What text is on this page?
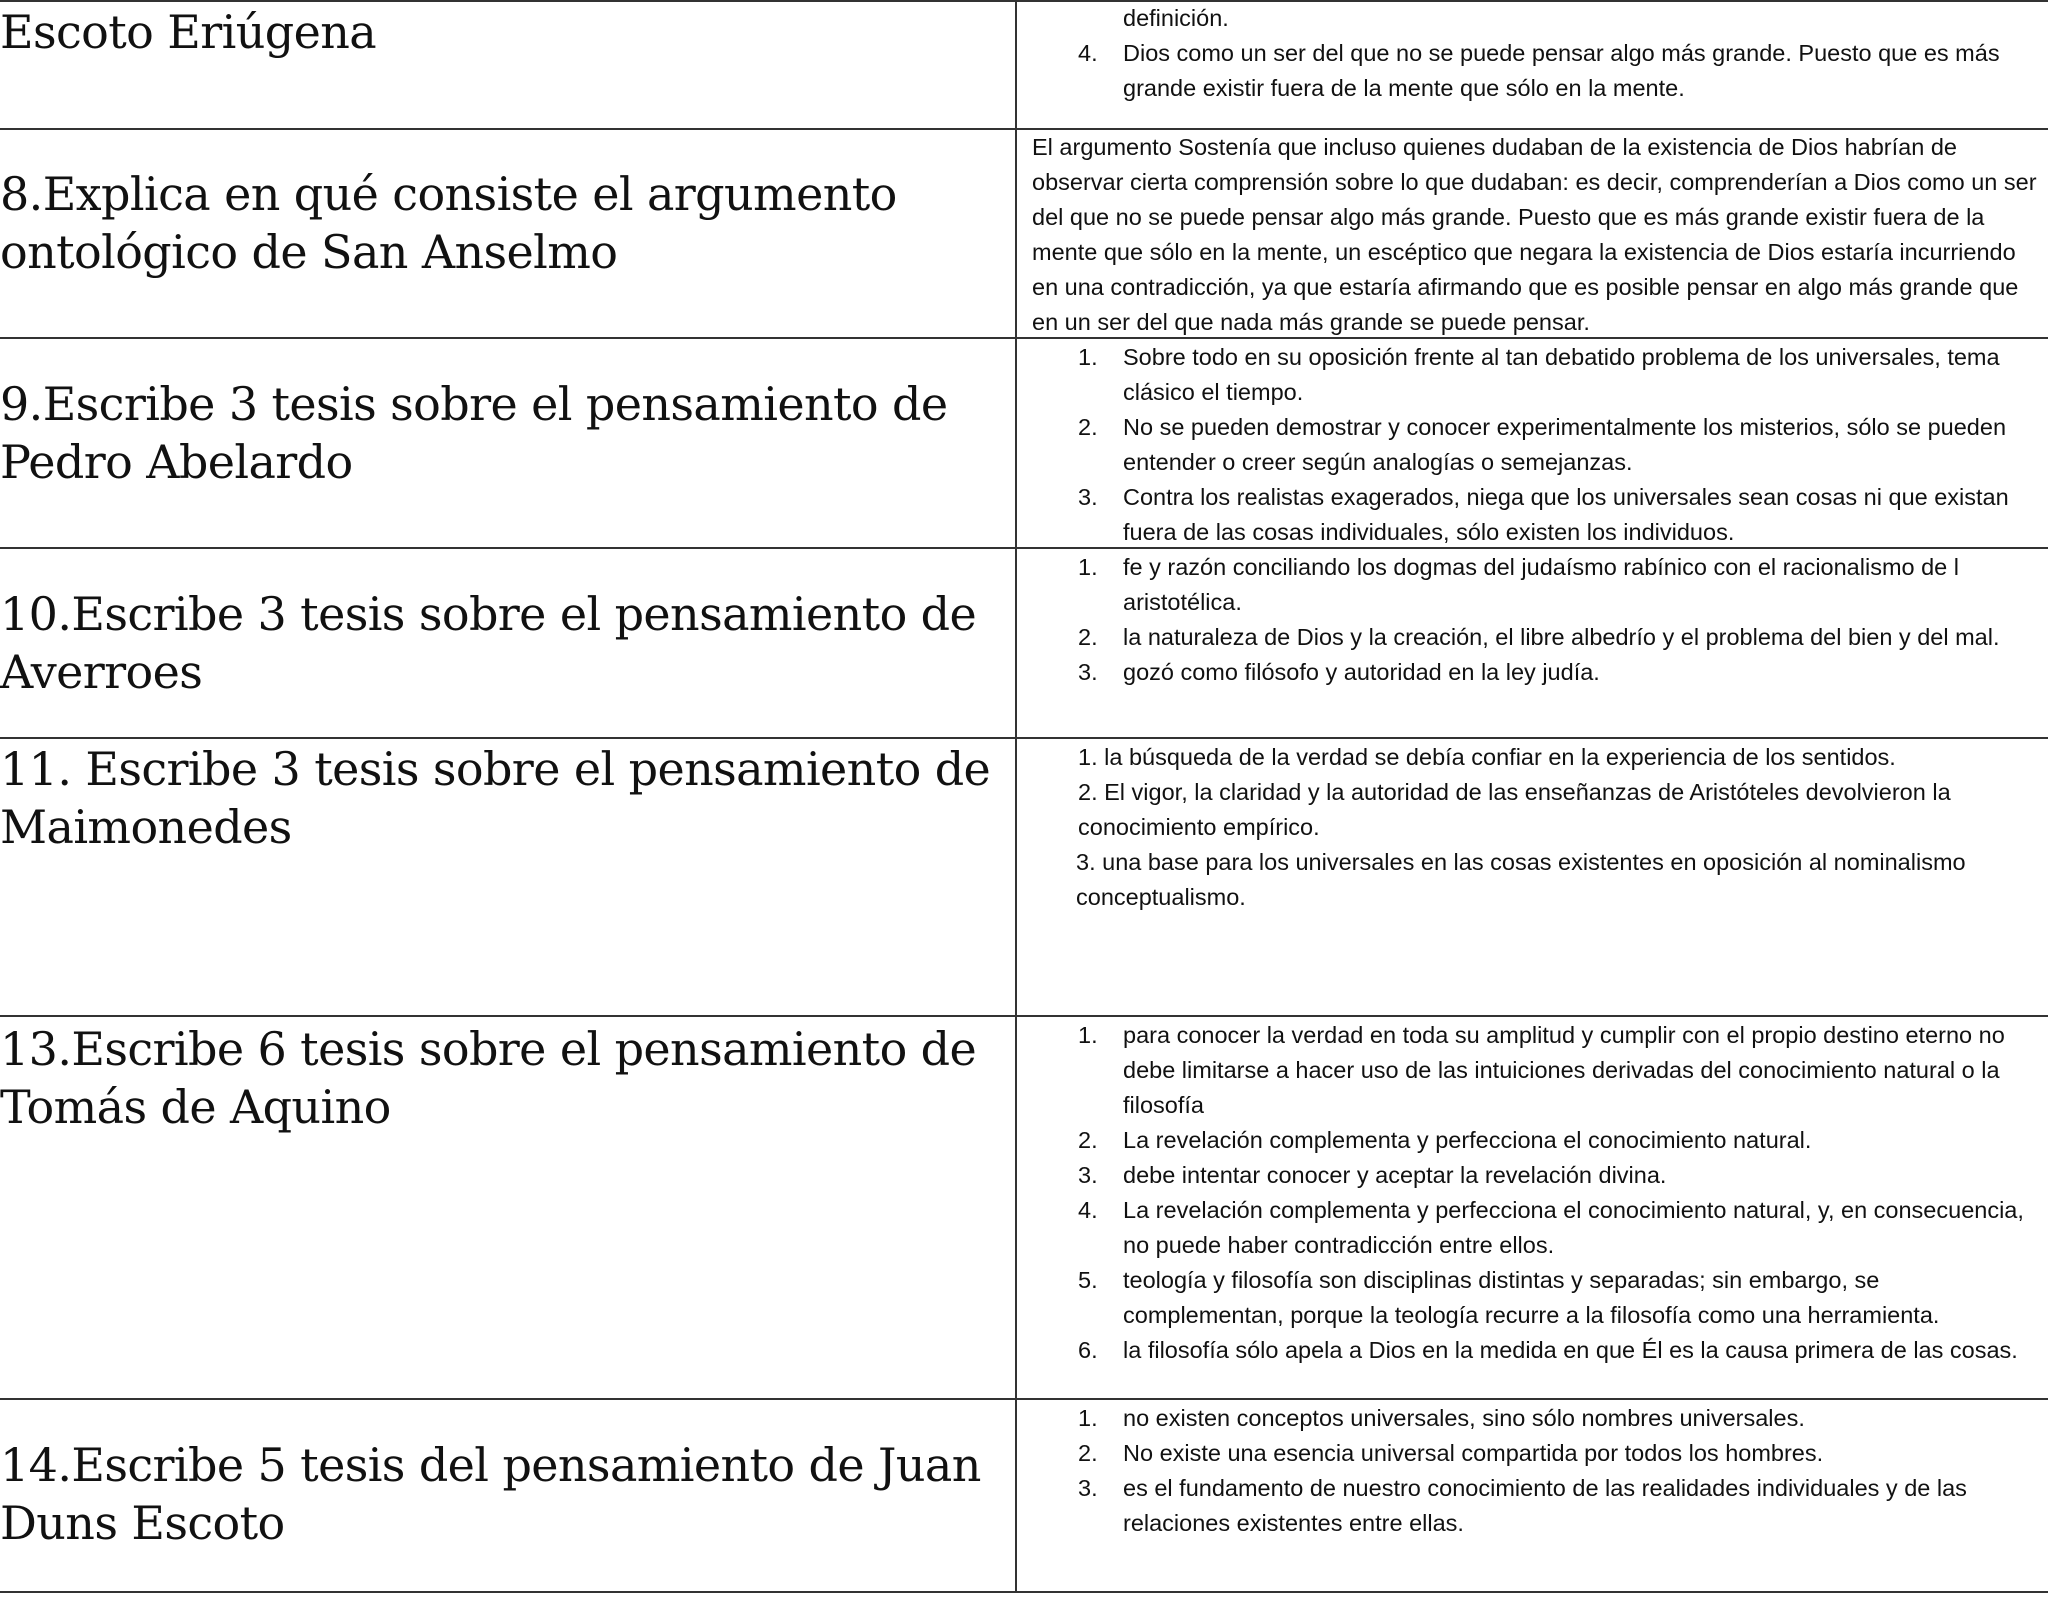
Escoto Eriúgena	definición.
4. Dios como un ser del que no se puede pensar algo más grande. Puesto que es más grande existir fuera de la mente que sólo en la mente.
8.Explica en qué consiste el argumento ontológico de San Anselmo

El argumento Sostenía que incluso quienes dudaban de la existencia de Dios habrían de observar cierta comprensión sobre lo que dudaban: es decir, comprenderían a Dios como un ser del que no se puede pensar algo más grande. Puesto que es más grande existir fuera de la mente que sólo en la mente, un escéptico que negara la existencia de Dios estaría incurriendo en una contradicción, ya que estaría afirmando que es posible pensar en algo más grande que en un ser del que nada más grande se puede pensar.

9.Escribe 3 tesis sobre el pensamiento de Pedro Abelardo
1. Sobre todo en su oposición frente al tan debatido problema de los universales, tema clásico el tiempo.
2. No se pueden demostrar y conocer experimentalmente los misterios, sólo se pueden entender o creer según analogías o semejanzas.
3. Contra los realistas exagerados, niega que los universales sean cosas ni que existan fuera de las cosas individuales, sólo existen los individuos.
10.Escribe 3 tesis sobre el pensamiento de Averroes
1. fe y razón conciliando los dogmas del judaísmo rabínico con el racionalismo de l aristotélica.
2. la naturaleza de Dios y la creación, el libre albedrío y el problema del bien y del mal.
3. gozó como filósofo y autoridad en la ley judía.
11. Escribe 3 tesis sobre el pensamiento de Maimonedes

1. la búsqueda de la verdad se debía confiar en la experiencia de los sentidos.

2. El vigor, la claridad y la autoridad de las enseñanzas de Aristóteles devolvieron la conocimiento empírico.

3. una base para los universales en las cosas existentes en oposición al nominalismo conceptualismo.

13.Escribe 6 tesis sobre el pensamiento de Tomás de Aquino
1. para conocer la verdad en toda su amplitud y cumplir con el propio destino eterno no debe limitarse a hacer uso de las intuiciones derivadas del conocimiento natural o la filosofía
2. La revelación complementa y perfecciona el conocimiento natural.
3. debe intentar conocer y aceptar la revelación divina.
4. La revelación complementa y perfecciona el conocimiento natural, y, en consecuencia, no puede haber contradicción entre ellos.
5. teología y filosofía son disciplinas distintas y separadas; sin embargo, se complementan, porque la teología recurre a la filosofía como una herramienta.
6. la filosofía sólo apela a Dios en la medida en que Él es la causa primera de las cosas.
14.Escribe 5 tesis del pensamiento de Juan Duns Escoto
1. no existen conceptos universales, sino sólo nombres universales.
2. No existe una esencia universal compartida por todos los hombres.
3. es el fundamento de nuestro conocimiento de las realidades individuales y de las relaciones existentes entre ellas.
